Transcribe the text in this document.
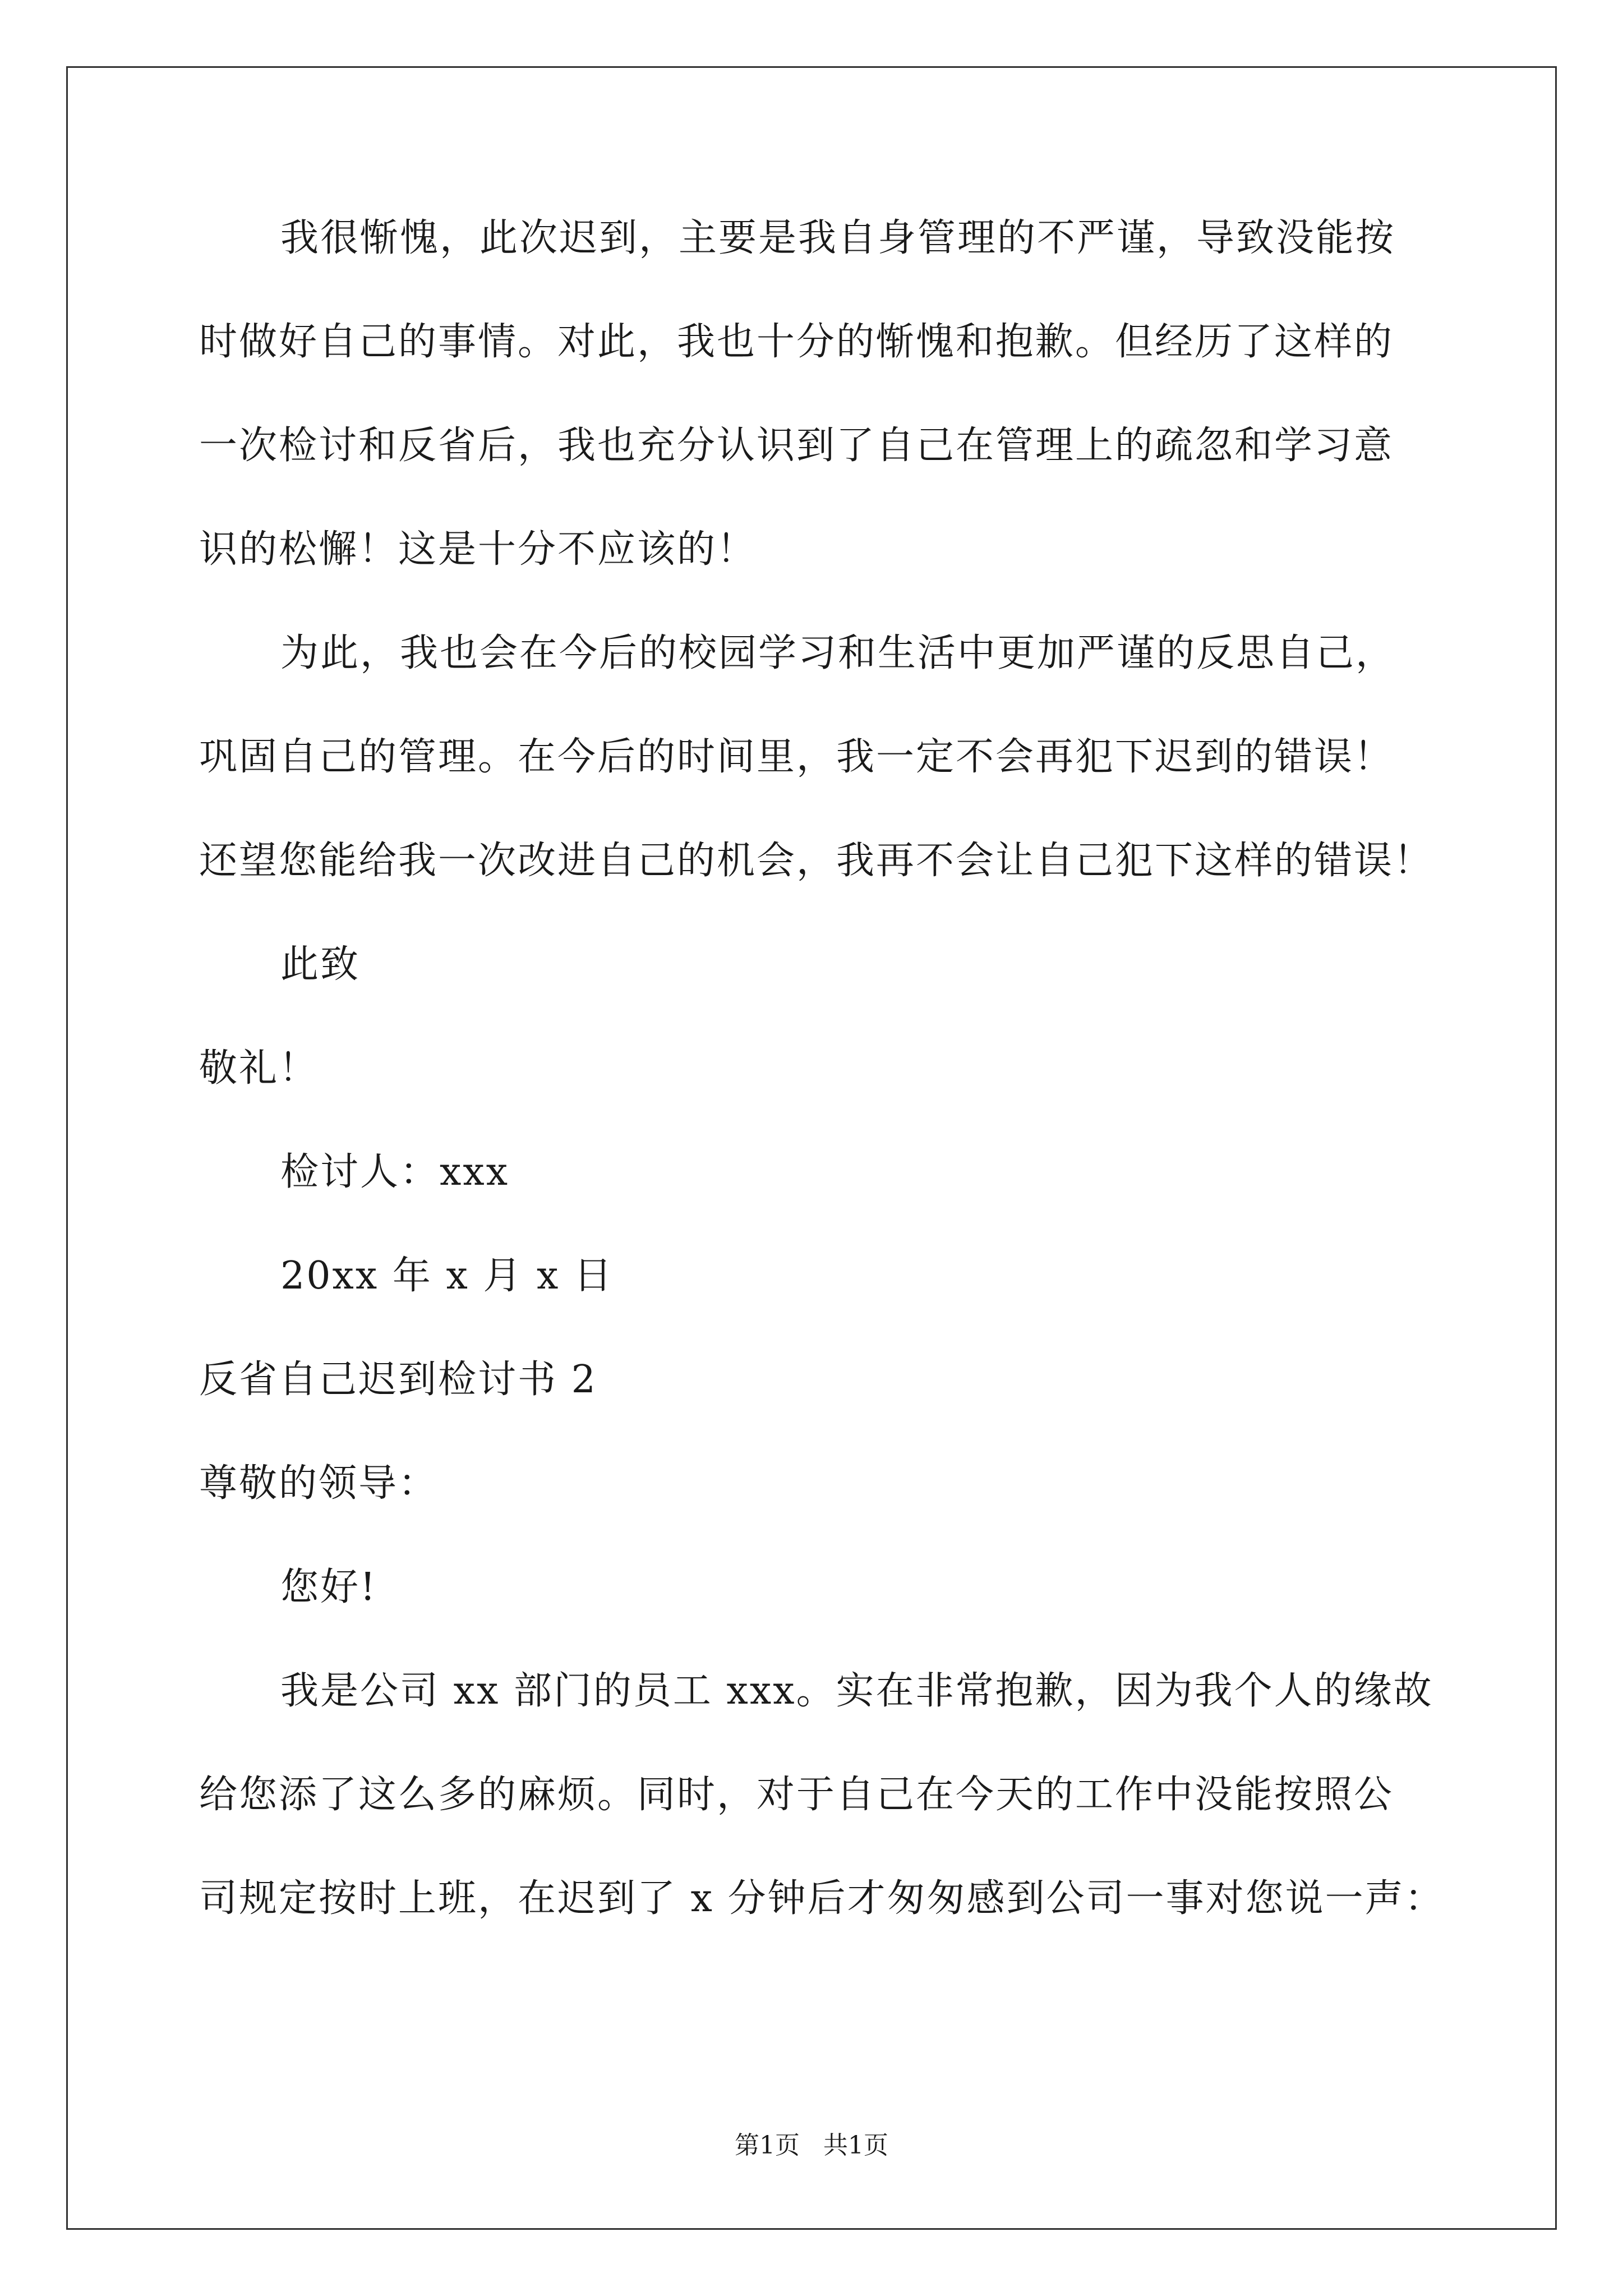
我很惭愧，此次迟到，主要是我自身管理的不严谨，导致没能按
时做好自己的事情。对此，我也十分的惭愧和抱歉。但经历了这样的
一次检讨和反省后，我也充分认识到了自己在管理上的疏忽和学习意
识的松懈！这是十分不应该的！
为此，我也会在今后的校园学习和生活中更加严谨的反思自己，
巩固自己的管理。在今后的时间里，我一定不会再犯下迟到的错误！
还望您能给我一次改进自己的机会，我再不会让自己犯下这样的错误！
此致
敬礼！
检讨人：xxx
20xx 年 x 月 x 日
反省自己迟到检讨书 2
尊敬的领导：
您好!
我是公司 xx 部门的员工 xxx。实在非常抱歉，因为我个人的缘故
给您添了这么多的麻烦。同时，对于自己在今天的工作中没能按照公
司规定按时上班，在迟到了 x 分钟后才匆匆感到公司一事对您说一声：
第1页   共1页
